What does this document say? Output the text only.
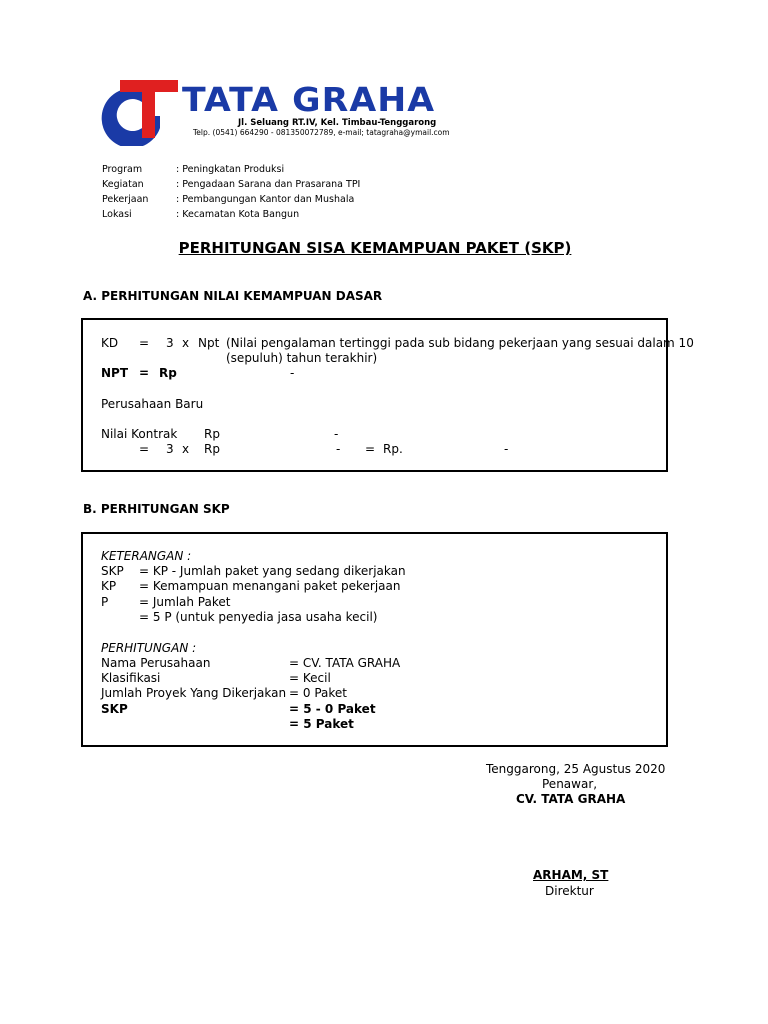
TATA GRAHA
Jl. Seluang RT.IV, Kel. Timbau-Tenggarong
Telp. (0541) 664290 - 081350072789, e-mail; tatagraha@ymail.com
Program	: Peningkatan Produksi
Kegiatan	: Pengadaan Sarana dan Prasarana TPI
Pekerjaan	: Pembangungan Kantor dan Mushala
Lokasi	: Kecamatan Kota Bangun
PERHITUNGAN SISA KEMAMPUAN PAKET (SKP)
A. PERHITUNGAN NILAI KEMAMPUAN DASAR
KD = 3 x Npt (Nilai pengalaman tertinggi pada sub bidang pekerjaan yang sesuai dalam 10
(sepuluh) tahun terakhir)
NPT = Rp	-
Perusahaan Baru
Nilai Kontrak Rp	-
= 3 x Rp	- = Rp.	-
B. PERHITUNGAN SKP
KETERANGAN :
SKP = KP - Jumlah paket yang sedang dikerjakan
KP = Kemampuan menangani paket pekerjaan
P	= Jumlah Paket
= 5 P (untuk penyedia jasa usaha kecil)
PERHITUNGAN :
Nama Perusahaan	= CV. TATA GRAHA
Klasifikasi	= Kecil
Jumlah Proyek Yang Dikerjakan = 0 Paket
SKP	= 5 - 0 Paket
= 5 Paket
Tenggarong, 25 Agustus 2020
Penawar,
CV. TATA GRAHA
ARHAM, ST
Direktur
